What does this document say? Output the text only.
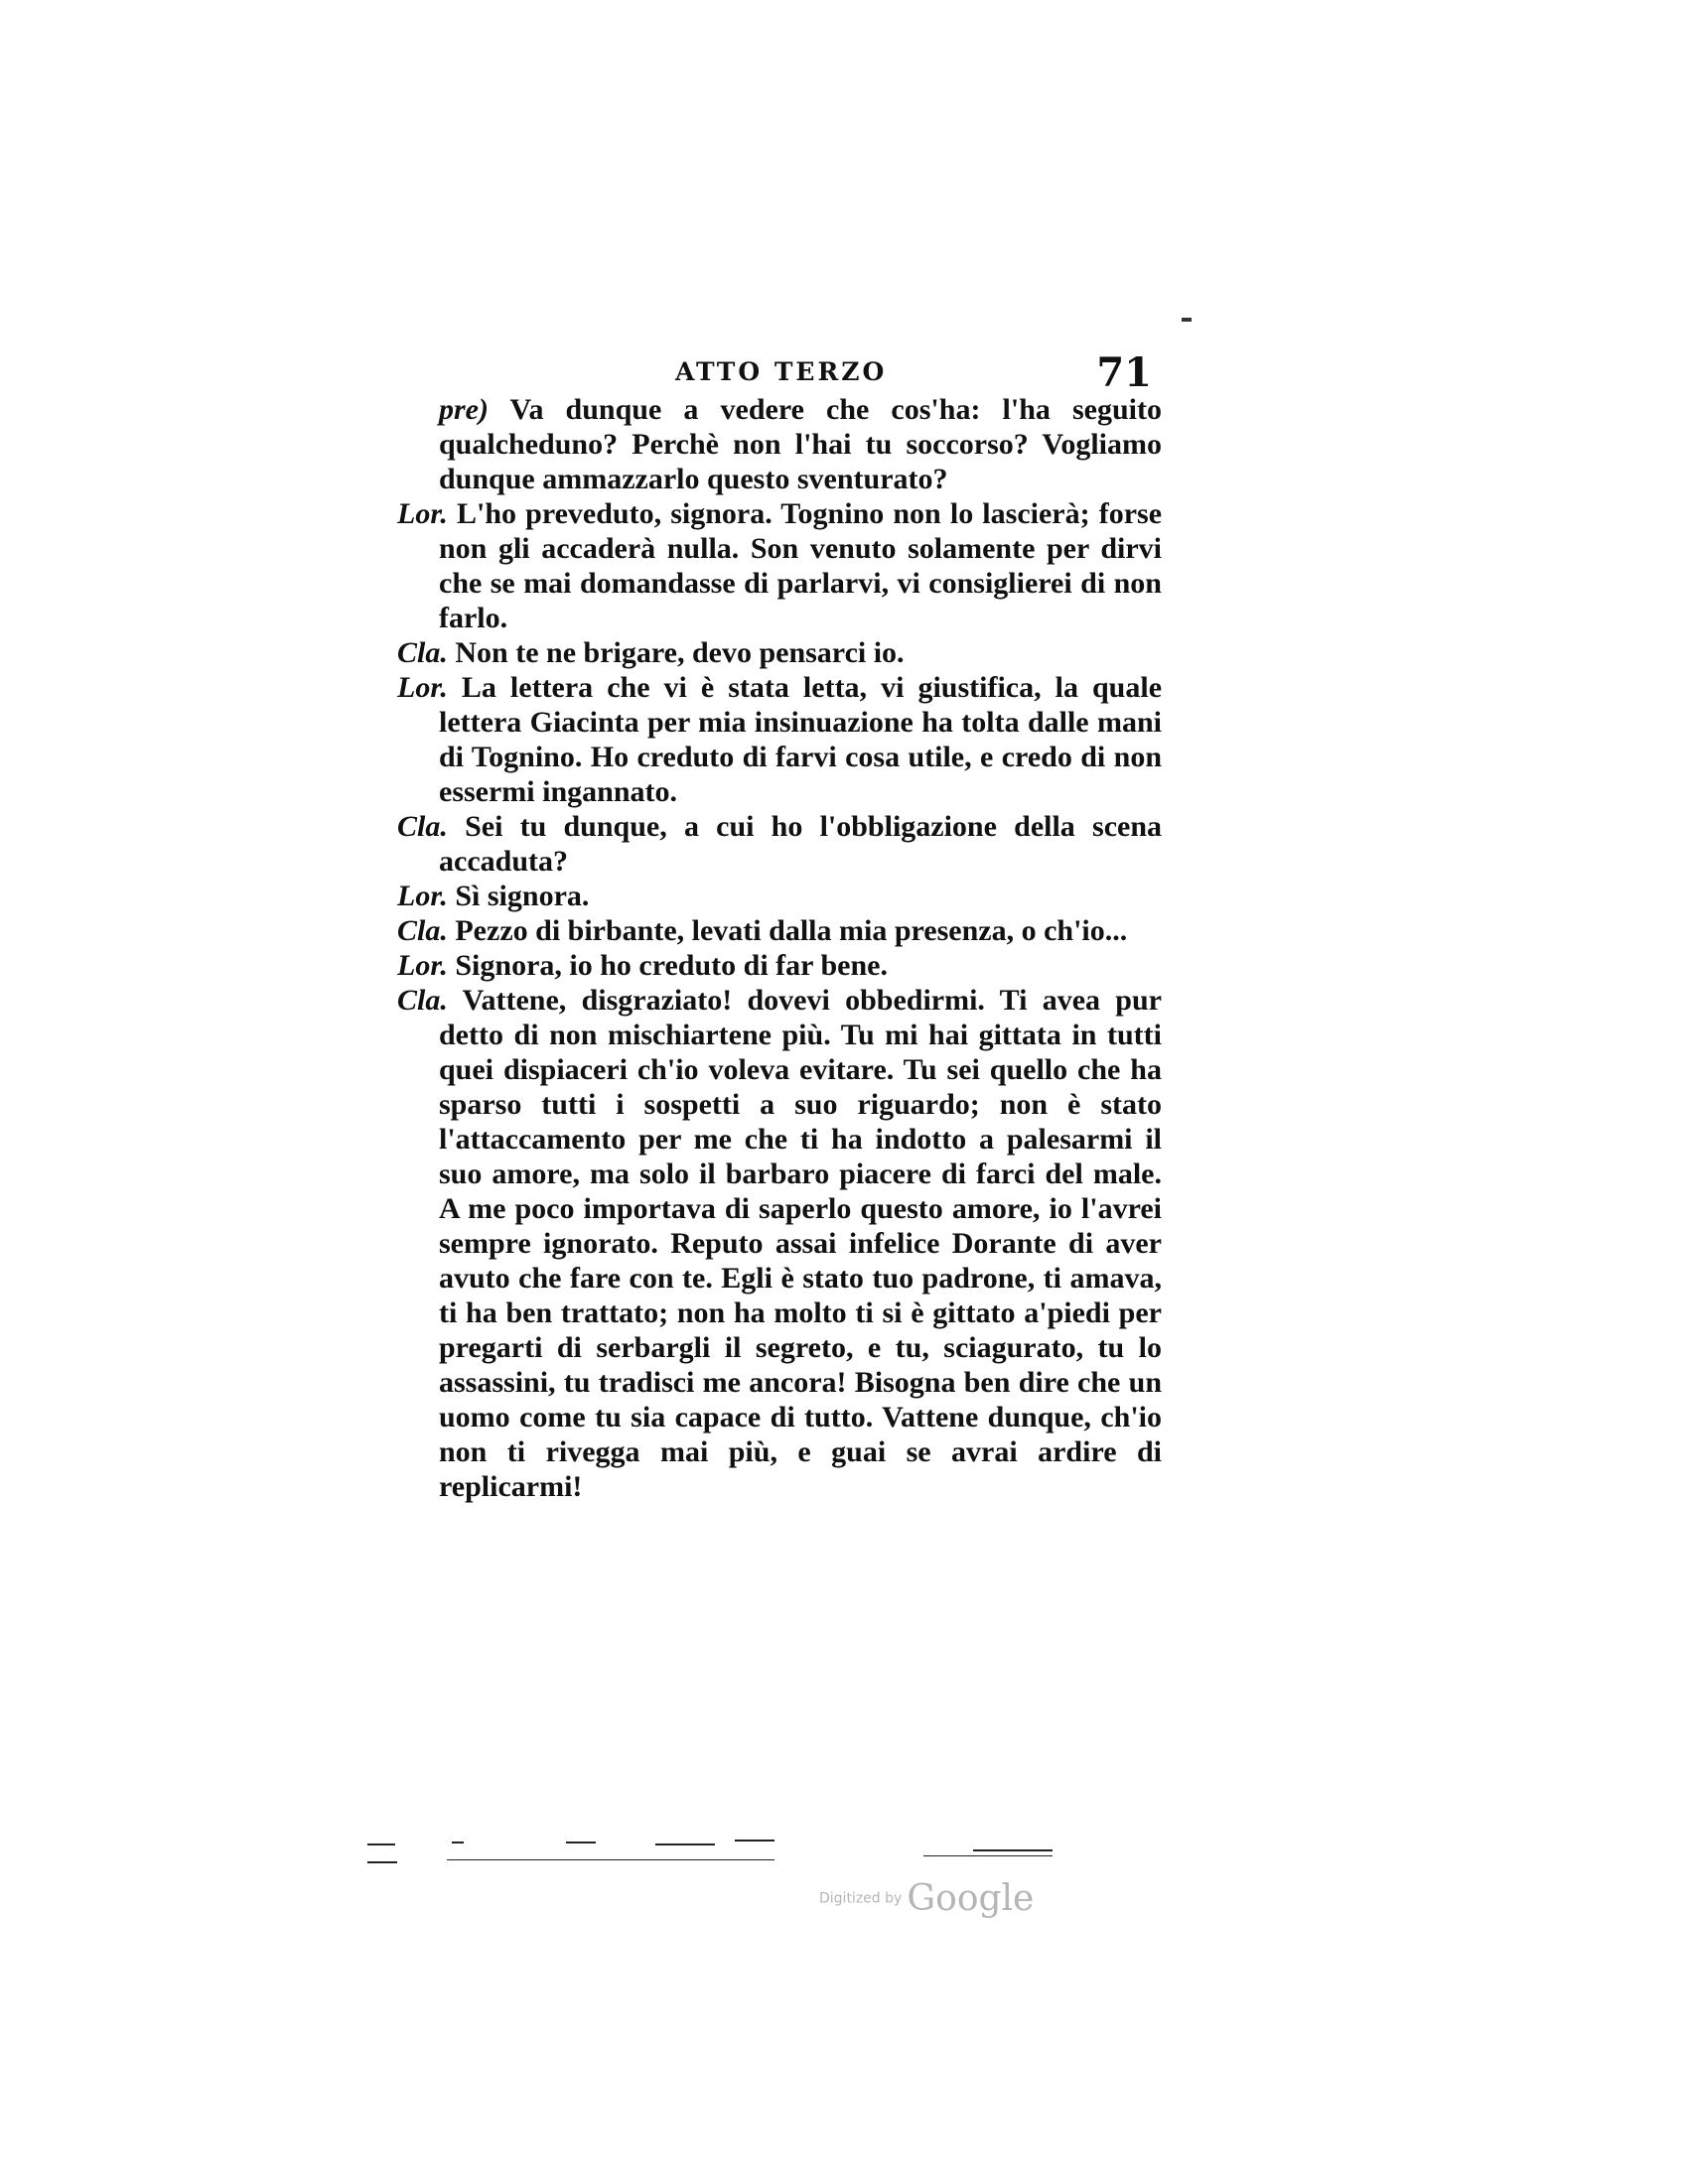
ATTO TERZO	71

pre) Va dunque a vedere che cos'ha: l'ha seguito qualcheduno? Perchè non l'hai tu soccorso? Vogliamo dunque ammazzarlo questo sventurato?

Lor. L'ho preveduto, signora. Tognino non lo lascierà; forse non gli accaderà nulla. Son venuto solamente per dirvi che se mai domandasse di parlarvi, vi consiglierei di non farlo.

Cla. Non te ne brigare, devo pensarci io.

Lor. La lettera che vi è stata letta, vi giustifica, la quale lettera Giacinta per mia insinuazione ha tolta dalle mani di Tognino. Ho creduto di farvi cosa utile, e credo di non essermi ingannato.

Cla. Sei tu dunque, a cui ho l'obbligazione della scena accaduta?

Lor. Sì signora.

Cla. Pezzo di birbante, levati dalla mia presenza, o ch'io...

Lor. Signora, io ho creduto di far bene.

Cla. Vattene, disgraziato! dovevi obbedirmi. Ti avea pur detto di non mischiartene più. Tu mi hai gittata in tutti quei dispiaceri ch'io voleva evitare. Tu sei quello che ha sparso tutti i sospetti a suo riguardo; non è stato l'attaccamento per me che ti ha indotto a palesarmi il suo amore, ma solo il barbaro piacere di farci del male. A me poco importava di saperlo questo amore, io l'avrei sempre ignorato. Reputo assai infelice Dorante di aver avuto che fare con te. Egli è stato tuo padrone, ti amava, ti ha ben trattato; non ha molto ti si è gittato a'piedi per pregarti di serbargli il segreto, e tu, sciagurato, tu lo assassini, tu tradisci me ancora! Bisogna ben dire che un uomo come tu sia capace di tutto. Vattene dunque, ch'io non ti rivegga mai più, e guai se avrai ardire di replicarmi!

Digitized by Google
